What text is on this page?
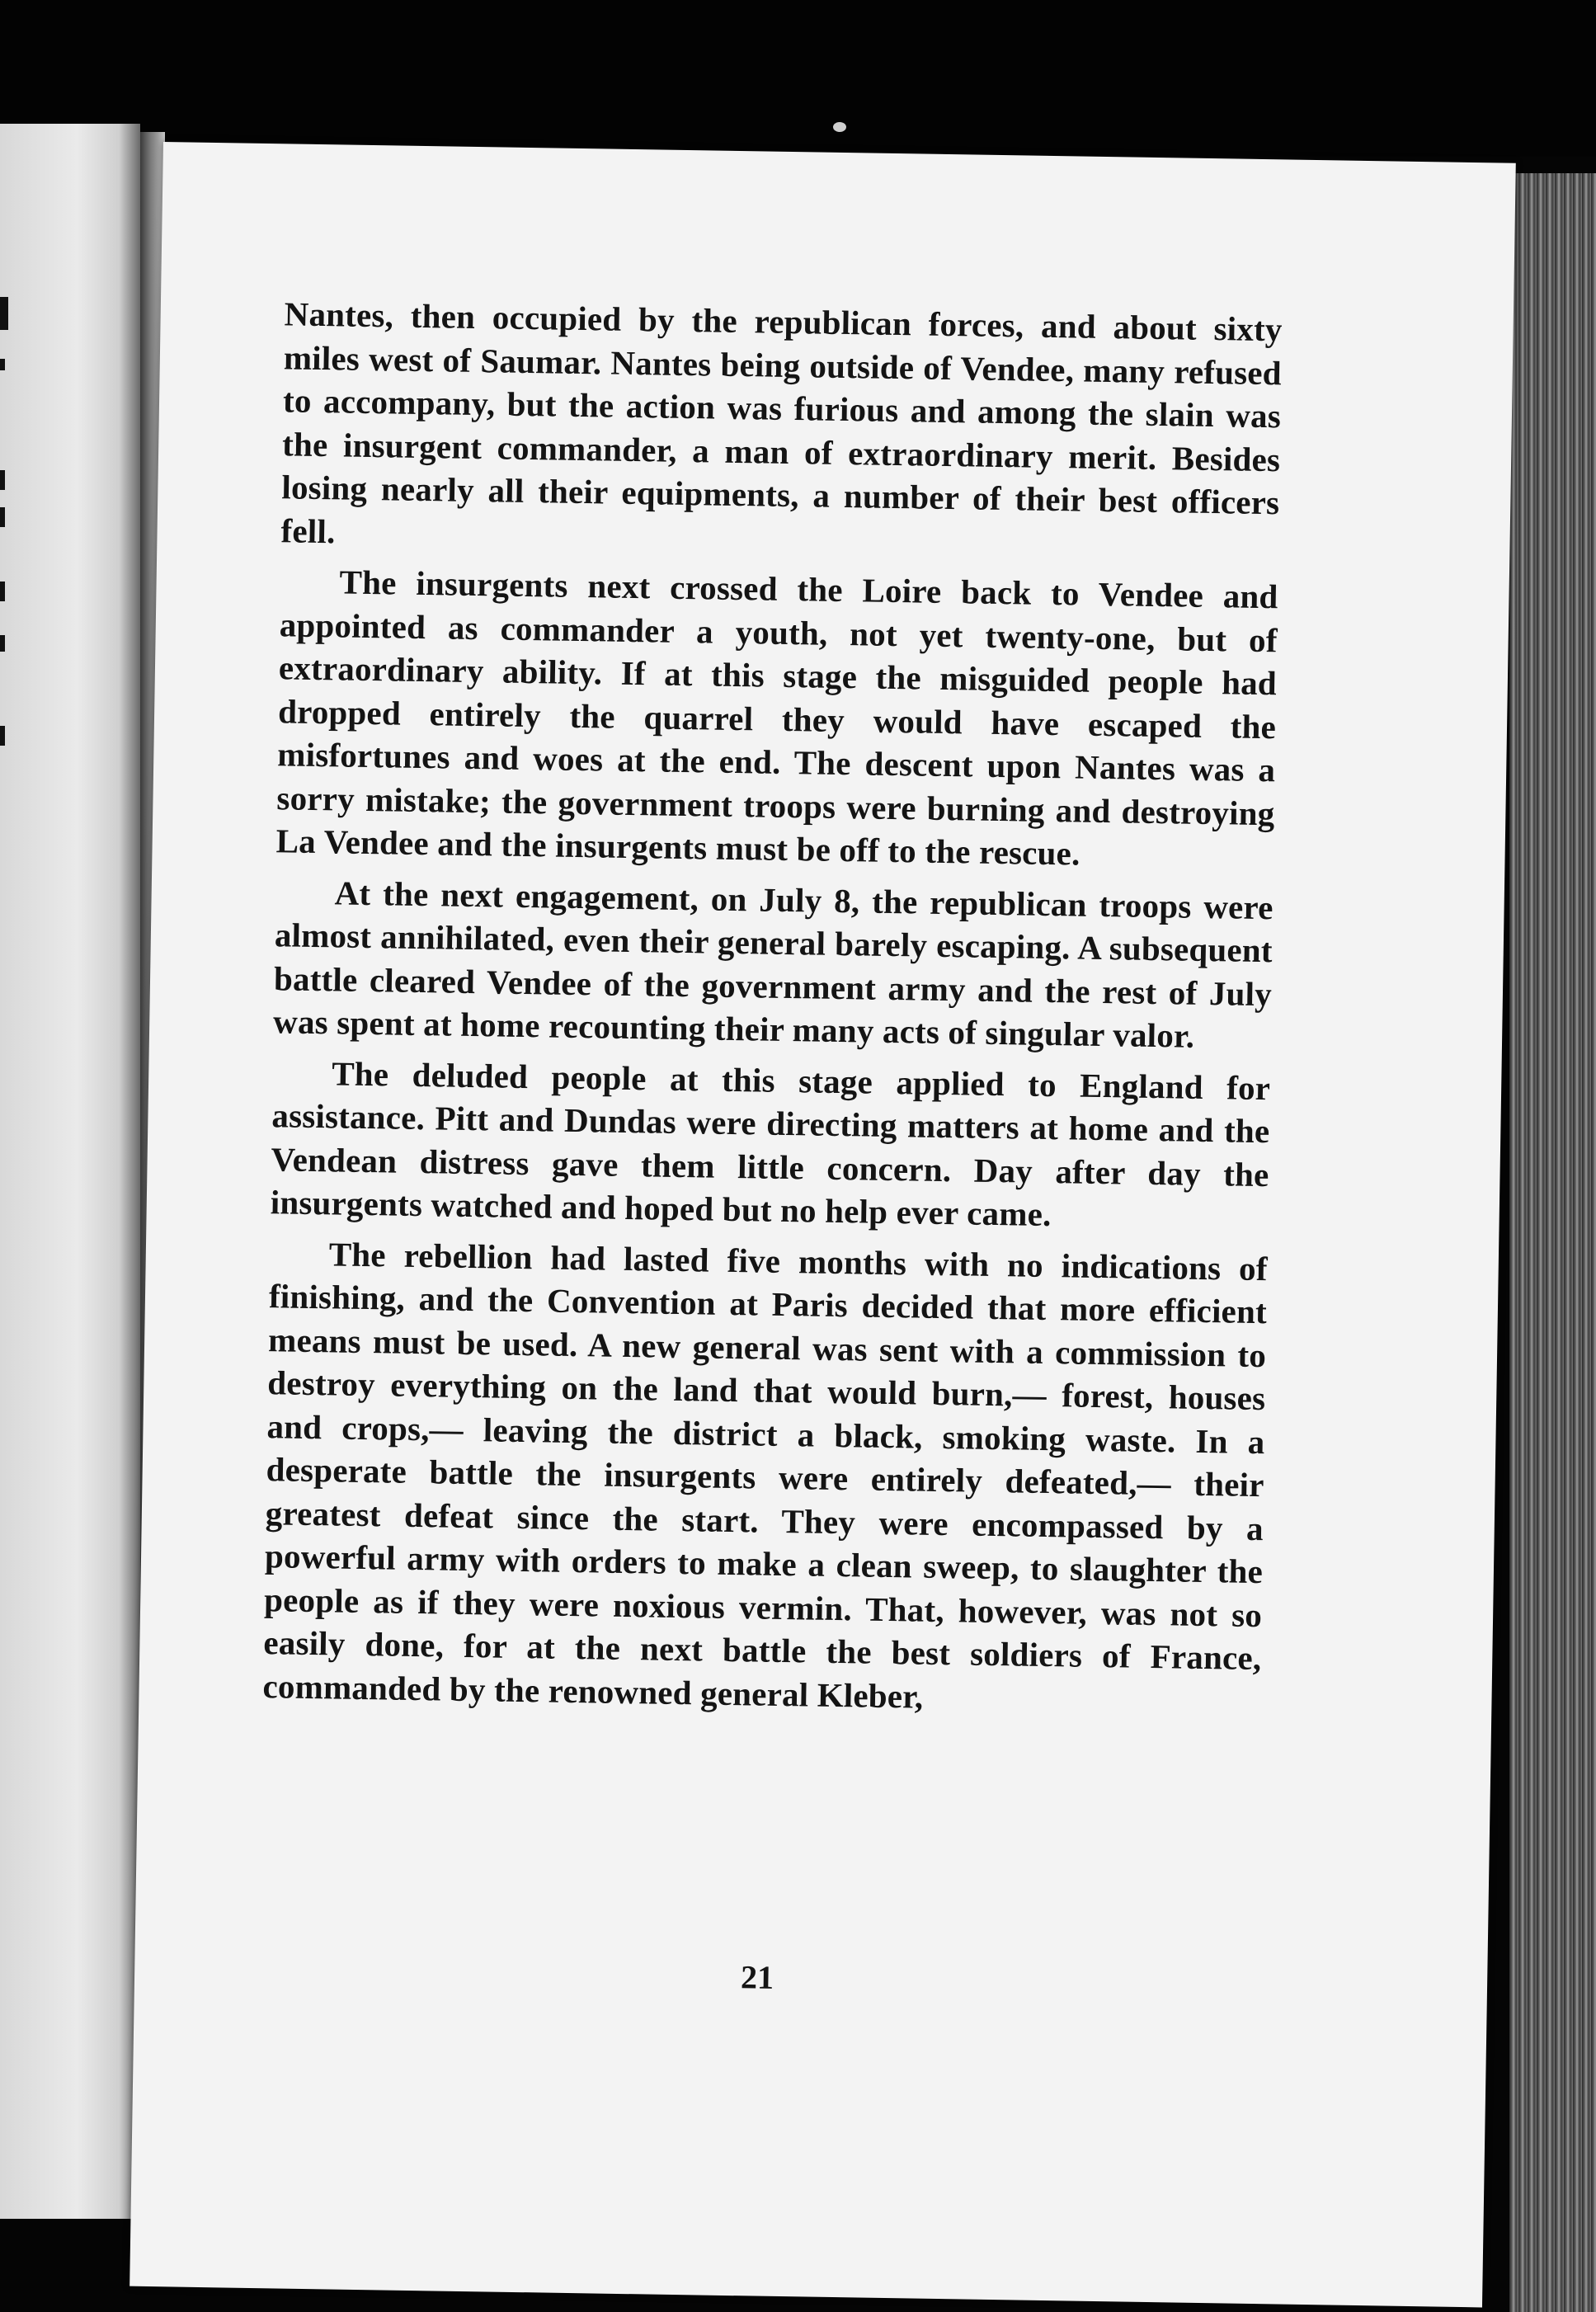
Nantes, then occupied by the republican forces, and about sixty miles west of Saumar. Nantes being outside of Vendee, many refused to accompany, but the action was furious and among the slain was the insurgent commander, a man of extraordinary merit. Besides losing nearly all their equipments, a number of their best officers fell.

The insurgents next crossed the Loire back to Vendee and appointed as commander a youth, not yet twenty-one, but of extraordinary ability. If at this stage the misguided people had dropped entirely the quarrel they would have escaped the misfortunes and woes at the end. The descent upon Nantes was a sorry mistake; the government troops were burning and destroying La Vendee and the insurgents must be off to the rescue.

At the next engagement, on July 8, the republican troops were almost annihilated, even their general barely escaping. A subsequent battle cleared Vendee of the government army and the rest of July was spent at home recounting their many acts of singular valor.

The deluded people at this stage applied to England for assistance. Pitt and Dundas were directing matters at home and the Vendean distress gave them little concern. Day after day the insurgents watched and hoped but no help ever came.

The rebellion had lasted five months with no indications of finishing, and the Convention at Paris decided that more efficient means must be used. A new general was sent with a commission to destroy everything on the land that would burn,— forest, houses and crops,— leaving the district a black, smoking waste. In a desperate battle the insurgents were entirely defeated,— their greatest defeat since the start. They were encompassed by a powerful army with orders to make a clean sweep, to slaughter the people as if they were noxious vermin. That, however, was not so easily done, for at the next battle the best soldiers of France, commanded by the renowned general Kleber,

21
